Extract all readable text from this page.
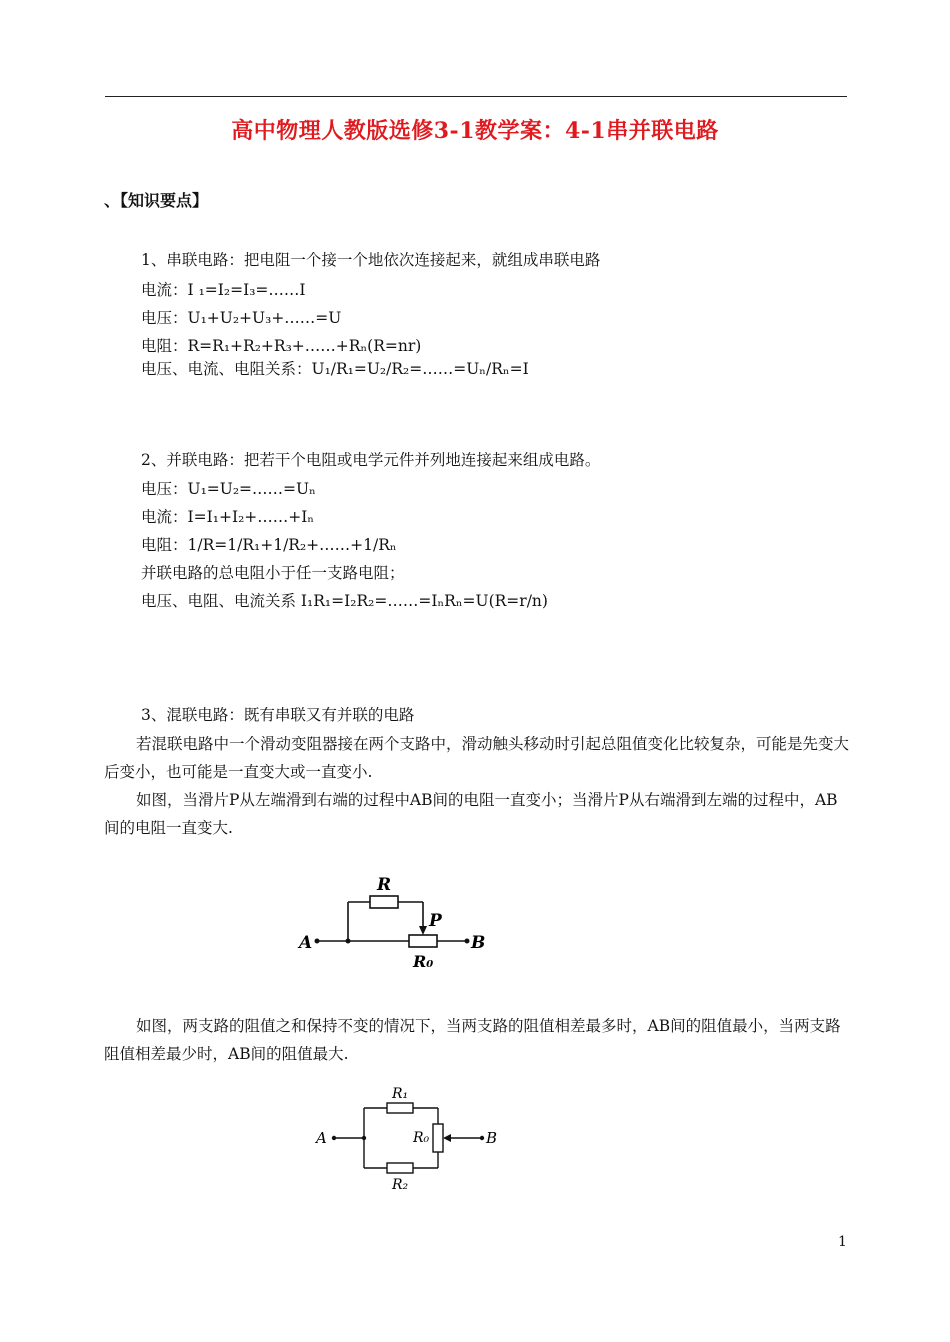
高中物理人教版选修3-1教学案：4-1串并联电路
、【知识要点】
1、串联电路：把电阻一个接一个地依次连接起来，就组成串联电路
电流：I ₁=I₂=I₃=……I
电压：U₁+U₂+U₃+……=U
电阻：R=R₁+R₂+R₃+……+Rₙ(R=nr)
电压、电流、电阻关系：U₁/R₁=U₂/R₂=……=Uₙ/Rₙ=I
2、并联电路：把若干个电阻或电学元件并列地连接起来组成电路。
电压：U₁=U₂=……=Uₙ
电流：I=I₁+I₂+……+Iₙ
电阻：1/R=1/R₁+1/R₂+……+1/Rₙ
并联电路的总电阻小于任一支路电阻；
电压、电阻、电流关系 I₁R₁=I₂R₂=……=IₙRₙ=U(R=r/n)
3、混联电路：既有串联又有并联的电路
若混联电路中一个滑动变阻器接在两个支路中，滑动触头移动时引起总阻值变化比较复杂，可能是先变大后变小，也可能是一直变大或一直变小.
如图，当滑片P从左端滑到右端的过程中AB间的电阻一直变小；当滑片P从右端滑到左端的过程中，AB间的电阻一直变大.
R
P
R₀
A	B
如图，两支路的阻值之和保持不变的情况下，当两支路的阻值相差最多时，AB间的阻值最小，当两支路阻值相差最少时，AB间的阻值最大.
R₁
R₀
R₂
A	B
1
